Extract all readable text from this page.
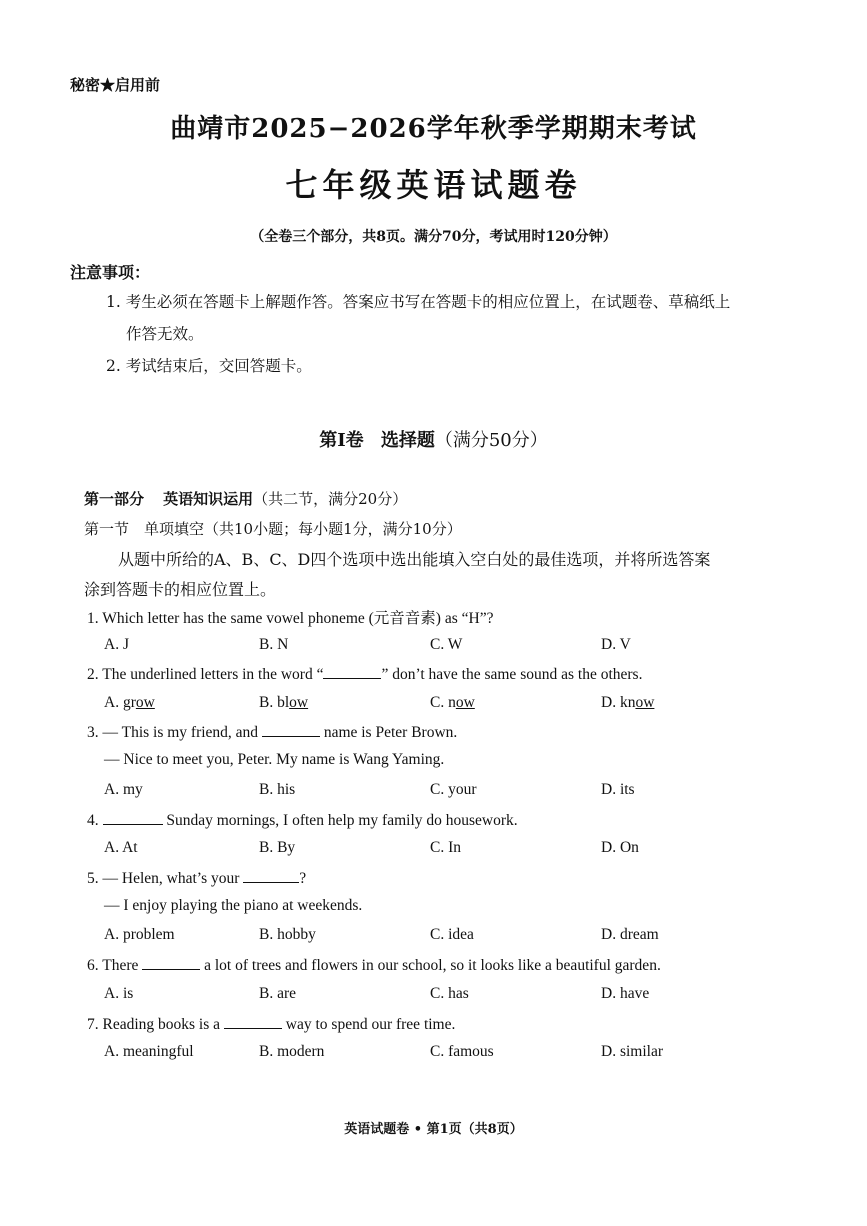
秘密★启用前
曲靖市2025−2026学年秋季学期期末考试
七年级英语试题卷
（全卷三个部分，共8页。满分70分，考试用时120分钟）
注意事项：
1. 考生必须在答题卡上解题作答。答案应书写在答题卡的相应位置上，在试题卷、草稿纸上
作答无效。
2. 考试结束后，交回答题卡。
第Ⅰ卷 选择题（满分50分）
第一部分 英语知识运用（共二节，满分20分）
第一节　单项填空（共10小题；每小题1分，满分10分）
从题中所给的A、B、C、D四个选项中选出能填入空白处的最佳选项，并将所选答案
涂到答题卡的相应位置上。
1. Which letter has the same vowel phoneme (元音音素) as “H”?
A. J	B. N	C. W	D. V
2. The underlined letters in the word “	” don’t have the same sound as the others.
A. grow	B. blow	C. now	D. know
3. — This is my friend, and	name is Peter Brown.
— Nice to meet you, Peter. My name is Wang Yaming.
A. my	B. his	C. your	D. its
4.	Sunday mornings, I often help my family do housework.
A. At	B. By	C. In	D. On
5. — Helen, what’s your	?
— I enjoy playing the piano at weekends.
A. problem	B. hobby	C. idea	D. dream
6. There	a lot of trees and flowers in our school, so it looks like a beautiful garden.
A. is	B. are	C. has	D. have
7. Reading books is a	way to spend our free time.
A. meaningful	B. modern	C. famous	D. similar
英语试题卷 • 第1页（共8页）
